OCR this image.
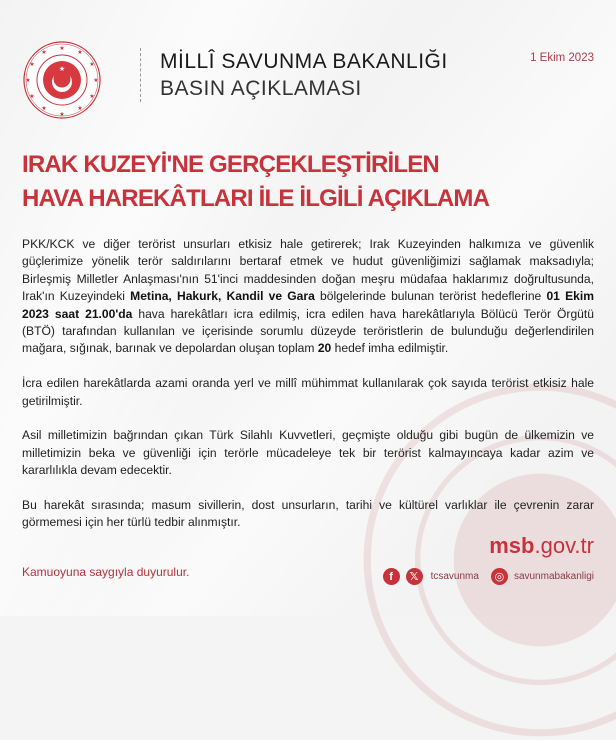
★
★	★
★	★
★	★
★	★
★	★
★
★	MİLLÎ SAVUNMA BAKANLIĞI
BASIN AÇIKLAMASI
1 Ekim 2023
IRAK KUZEYİ'NE GERÇEKLEŞTİRİLEN
HAVA HAREKÂTLARI İLE İLGİLİ AÇIKLAMA

PKK/KCK ve diğer terörist unsurları etkisiz hale getirerek; Irak Kuzeyinden halkımıza ve güvenlik güçlerimize yönelik terör saldırılarını bertaraf etmek ve hudut güvenliğimizi sağlamak maksadıyla; Birleşmiş Milletler Anlaşması'nın 51'inci maddesinden doğan meşru müdafaa haklarımız doğrultusunda, Irak'ın Kuzeyindeki Metina, Hakurk, Kandil ve Gara bölgelerinde bulunan terörist hedeflerine 01 Ekim 2023 saat 21.00'da hava harekâtları icra edilmiş, icra edilen hava harekâtlarıyla Bölücü Terör Örgütü (BTÖ) tarafından kullanılan ve içerisinde sorumlu düzeyde teröristlerin de bulunduğu değerlendirilen mağara, sığınak, barınak ve depolardan oluşan toplam 20 hedef imha edilmiştir.

İcra edilen harekâtlarda azami oranda yerl ve millî mühimmat kullanılarak çok sayıda terörist etkisiz hale getirilmiştir.

Asil milletimizin bağrından çıkan Türk Silahlı Kuvvetleri, geçmişte olduğu gibi bugün de ülkemizin ve milletimizin beka ve güvenliği için terörle mücadeleye tek bir terörist kalmayıncaya kadar azim ve kararlılıkla devam edecektir.

Bu harekât sırasında; masum sivillerin, dost unsurların, tarihi ve kültürel varlıklar ile çevrenin zarar görmemesi için her türlü tedbir alınmıştır.

Kamuoyuna saygıyla duyurulur.
msb.gov.tr
f	𝕏	tcsavunma	◎ savunmabakanligi
